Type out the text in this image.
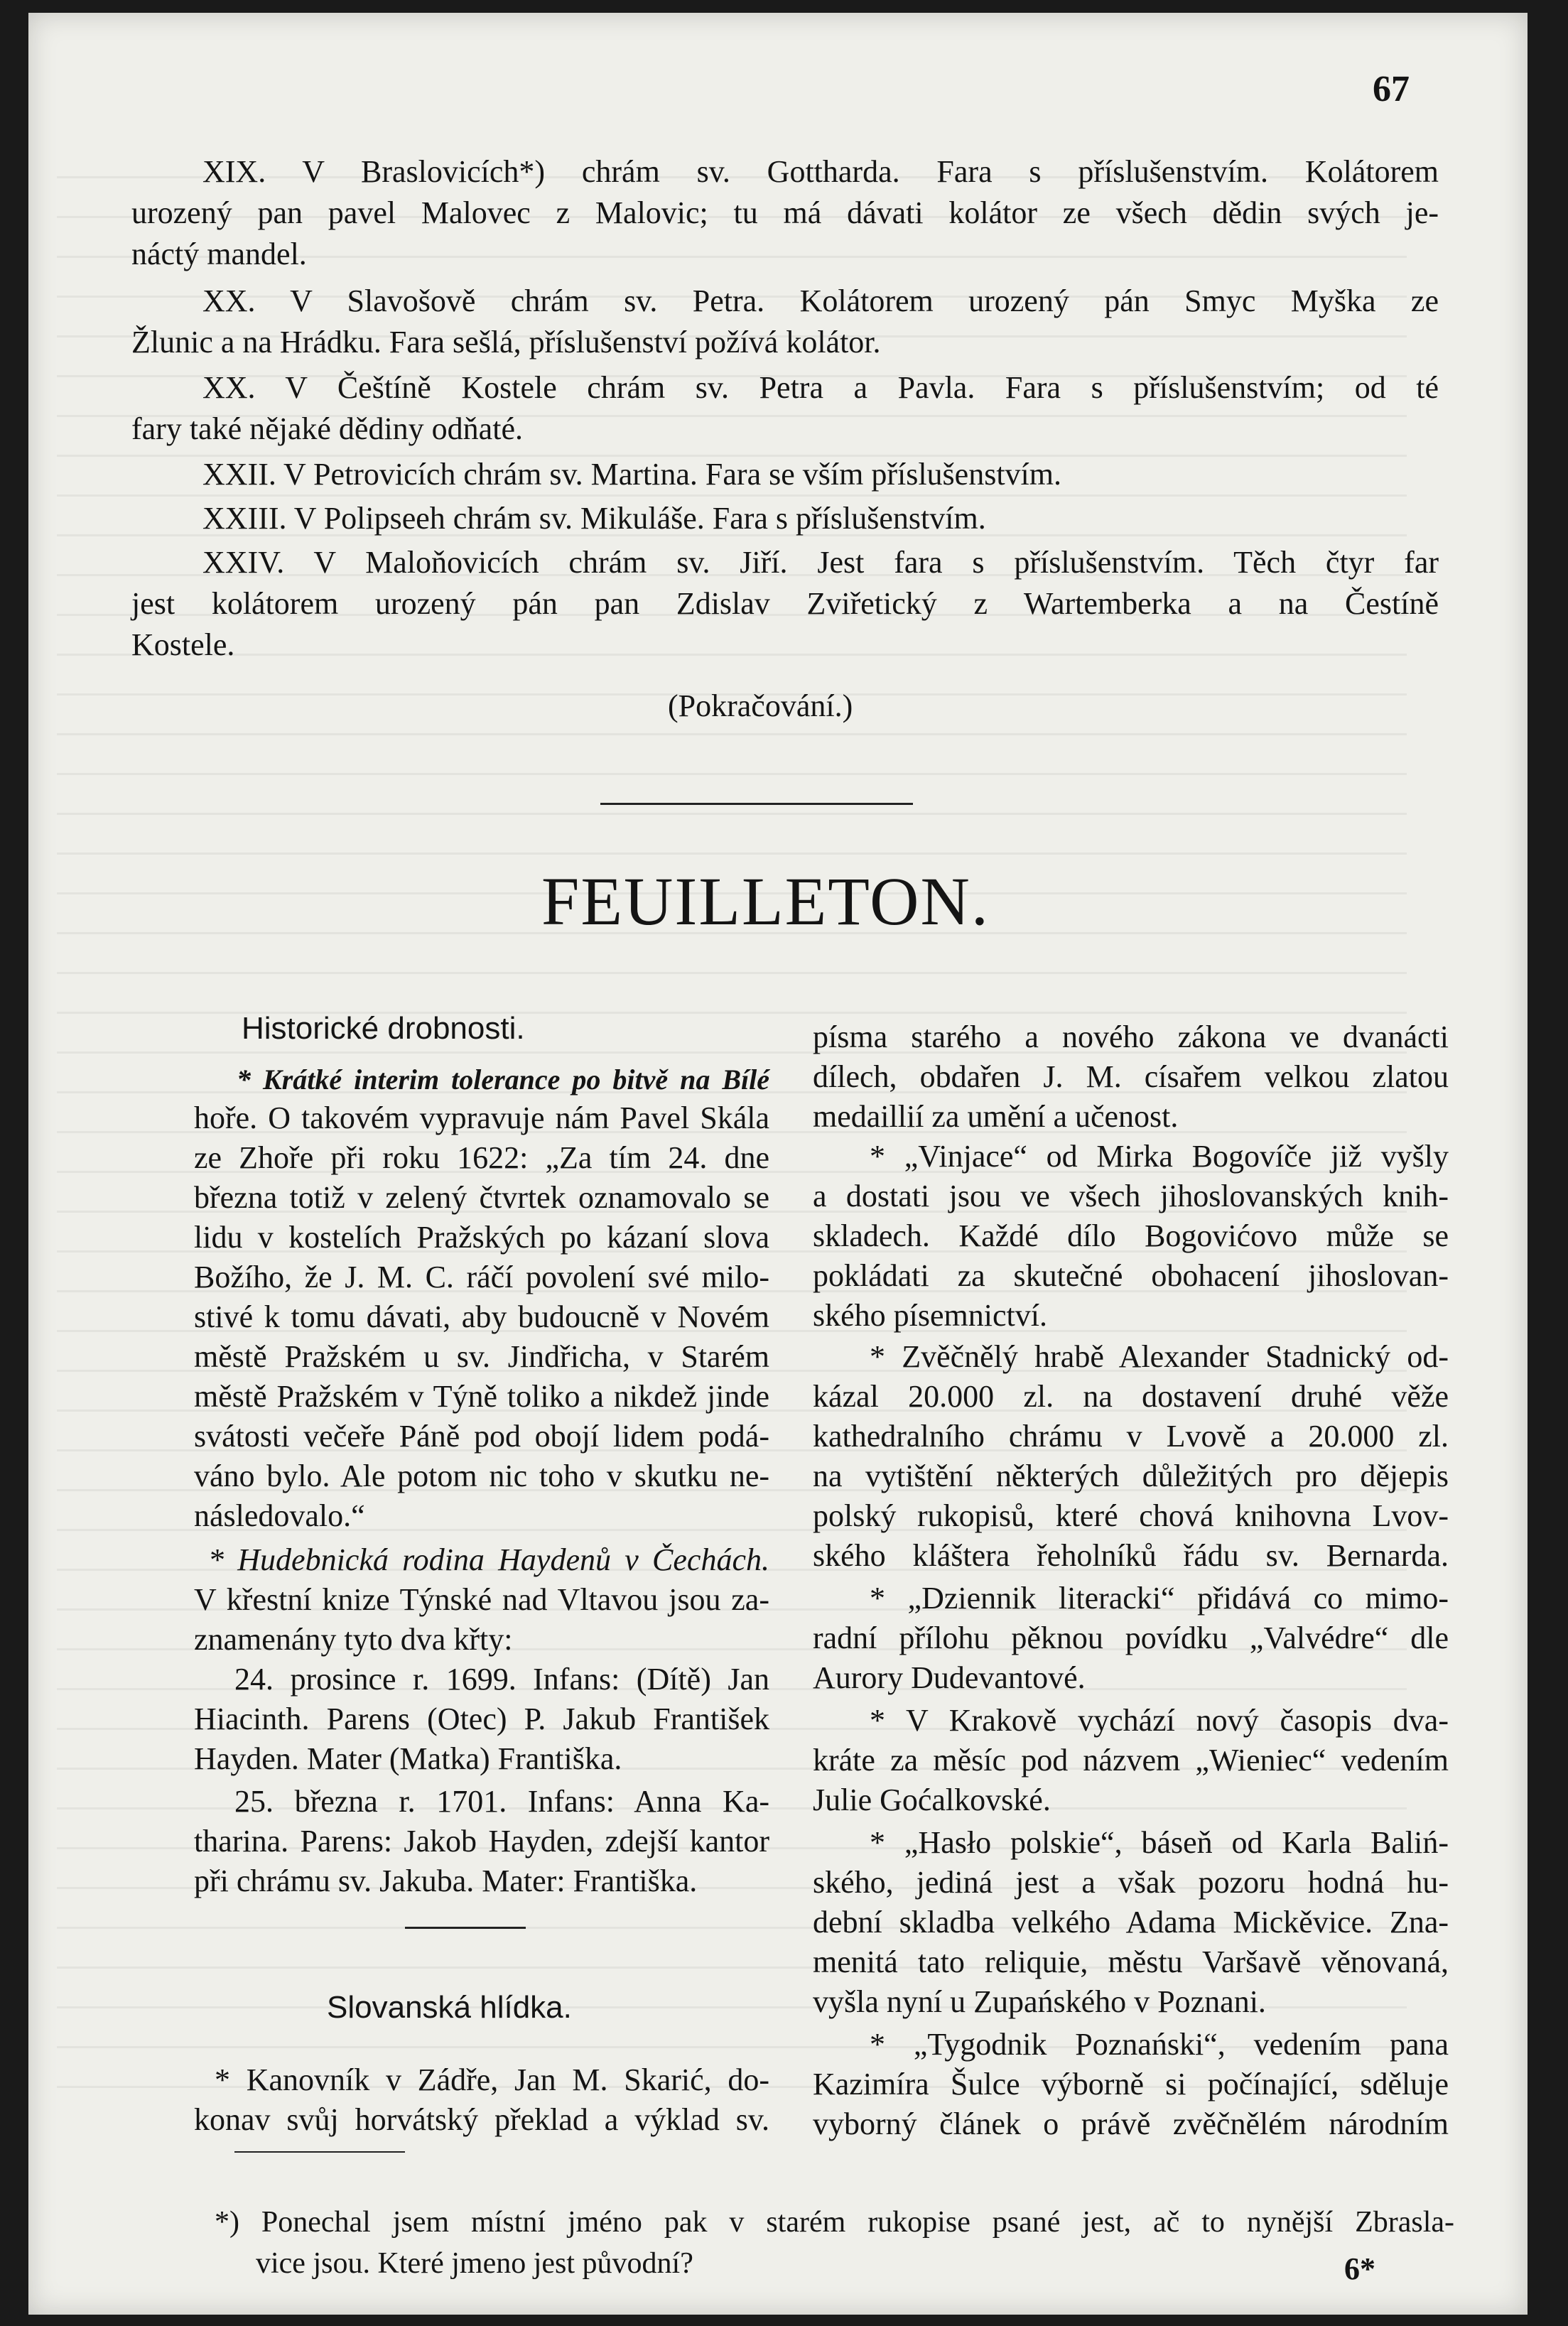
67
XIX. V Braslovicích*) chrám sv. Gottharda. Fara s příslušenstvím. Kolátorem
urozený pan pavel Malovec z Malovic; tu má dávati kolátor ze všech dědin svých je-
náctý mandel.
XX. V Slavošově chrám sv. Petra. Kolátorem urozený pán Smyc Myška ze
Žlunic a na Hrádku. Fara sešlá, příslušenství požívá kolátor.
XX. V Češtíně Kostele chrám sv. Petra a Pavla. Fara s příslušenstvím; od té
fary také nějaké dědiny odňaté.
XXII. V Petrovicích chrám sv. Martina. Fara se vším příslušenstvím.
XXIII. V Polipseeh chrám sv. Mikuláše. Fara s příslušenstvím.
XXIV. V Maloňovicích chrám sv. Jiří. Jest fara s příslušenstvím. Těch čtyr far
jest kolátorem urozený pán pan Zdislav Zviřetický z Wartemberka a na Čestíně
Kostele.
(Pokračování.)
FEUILLETON.
Historické drobnosti.
* Krátké interim tolerance po bitvě na Bílé
hoře. O takovém vypravuje nám Pavel Skála
ze Zhoře při roku 1622: „Za tím 24. dne
března totiž v zelený čtvrtek oznamovalo se
lidu v kostelích Pražských po kázaní slova
Božího, že J. M. C. ráčí povolení své milo-
stivé k tomu dávati, aby budoucně v Novém
městě Pražském u sv. Jindřicha, v Starém
městě Pražském v Týně toliko a nikdež jinde
svátosti večeře Páně pod obojí lidem podá-
váno bylo. Ale potom nic toho v skutku ne-
následovalo.“
* Hudebnická rodina Haydenů v Čechách.
V křestní knize Týnské nad Vltavou jsou za-
znamenány tyto dva křty:
24. prosince r. 1699. Infans: (Dítě) Jan
Hiacinth. Parens (Otec) P. Jakub František
Hayden. Mater (Matka) Františka.
25. března r. 1701. Infans: Anna Ka-
tharina. Parens: Jakob Hayden, zdejší kantor
při chrámu sv. Jakuba. Mater: Františka.
Slovanská hlídka.
* Kanovník v Zádře, Jan M. Skarić, do-
konav svůj horvátský překlad a výklad sv.
písma starého a nového zákona ve dvanácti
dílech, obdařen J. M. císařem velkou zlatou
medaillií za umění a učenost.
* „Vinjace“ od Mirka Bogovíče již vyšly
a dostati jsou ve všech jihoslovanských knih-
skladech. Každé dílo Bogovićovo může se
pokládati za skutečné obohacení jihoslovan-
ského písemnictví.
* Zvěčnělý hrabě Alexander Stadnický od-
kázal 20.000 zl. na dostavení druhé věže
kathedralního chrámu v Lvově a 20.000 zl.
na vytištění některých důležitých pro dějepis
polský rukopisů, které chová knihovna Lvov-
ského kláštera řeholníků řádu sv. Bernarda.
* „Dziennik literacki“ přidává co mimo-
radní přílohu pěknou povídku „Valvédre“ dle
Aurory Dudevantové.
* V Krakově vychází nový časopis dva-
kráte za měsíc pod názvem „Wieniec“ vedením
Julie Goćalkovské.
* „Hasło polskie“, báseň od Karla Baliń-
ského, jediná jest a však pozoru hodná hu-
dební skladba velkého Adama Mickěvice. Zna-
menitá tato reliquie, městu Varšavě věnovaná,
vyšla nyní u Zupańského v Poznani.
* „Tygodnik Poznański“, vedením pana
Kazimíra Šulce výborně si počínající, sděluje
vyborný článek o právě zvěčnělém národním
*) Ponechal jsem místní jméno pak v starém rukopise psané jest, ač to nynější Zbrasla-
vice jsou. Které jmeno jest původní?	6*
